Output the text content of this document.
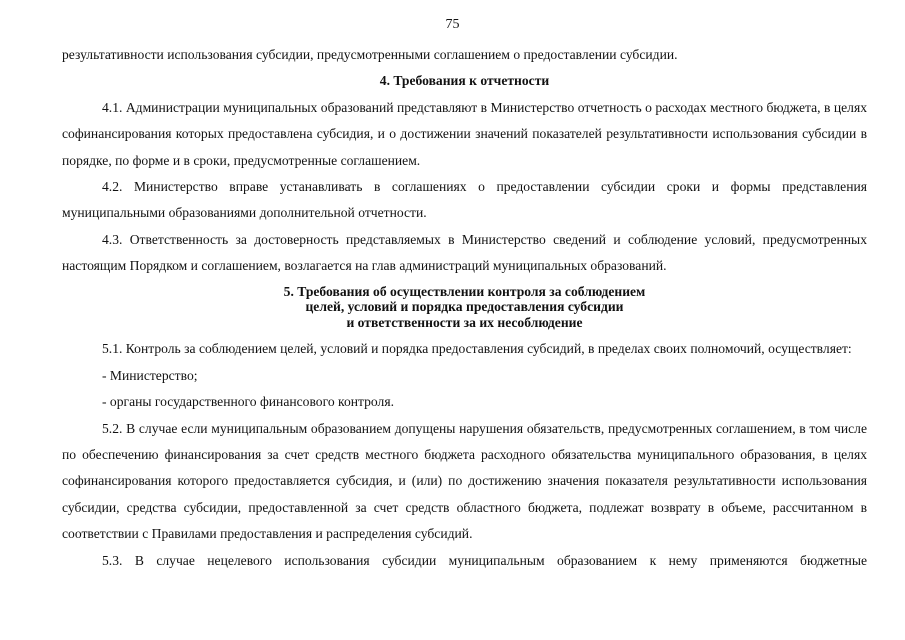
75

результативности использования субсидии, предусмотренными соглашением о предоставлении субсидии.

4. Требования к отчетности

4.1. Администрации муниципальных образований представляют в Министерство отчетность о расходах местного бюджета, в целях софинансирования которых предоставлена субсидия, и о достижении значений показателей результативности использования субсидии в порядке, по форме и в сроки, предусмотренные соглашением.

4.2. Министерство вправе устанавливать в соглашениях о предоставлении субсидии сроки и формы представления муниципальными образованиями дополнительной отчетности.

4.3. Ответственность за достоверность представляемых в Министерство сведений и соблюдение условий, предусмотренных настоящим Порядком и соглашением, возлагается на глав администраций муниципальных образований.

5. Требования об осуществлении контроля за соблюдением
целей, условий и порядка предоставления субсидии
и ответственности за их несоблюдение

5.1. Контроль за соблюдением целей, условий и порядка предоставления субсидий, в пределах своих полномочий, осуществляет:

- Министерство;

- органы государственного финансового контроля.

5.2. В случае если муниципальным образованием допущены нарушения обязательств, предусмотренных соглашением, в том числе по обеспечению финансирования за счет средств местного бюджета расходного обязательства муниципального образования, в целях софинансирования которого предоставляется субсидия, и (или) по достижению значения показателя результативности использования субсидии, средства субсидии, предоставленной за счет средств областного бюджета, подлежат возврату в объеме, рассчитанном в соответствии с Правилами предоставления и распределения субсидий.

5.3. В случае нецелевого использования субсидии муниципальным образованием к нему применяются бюджетные
